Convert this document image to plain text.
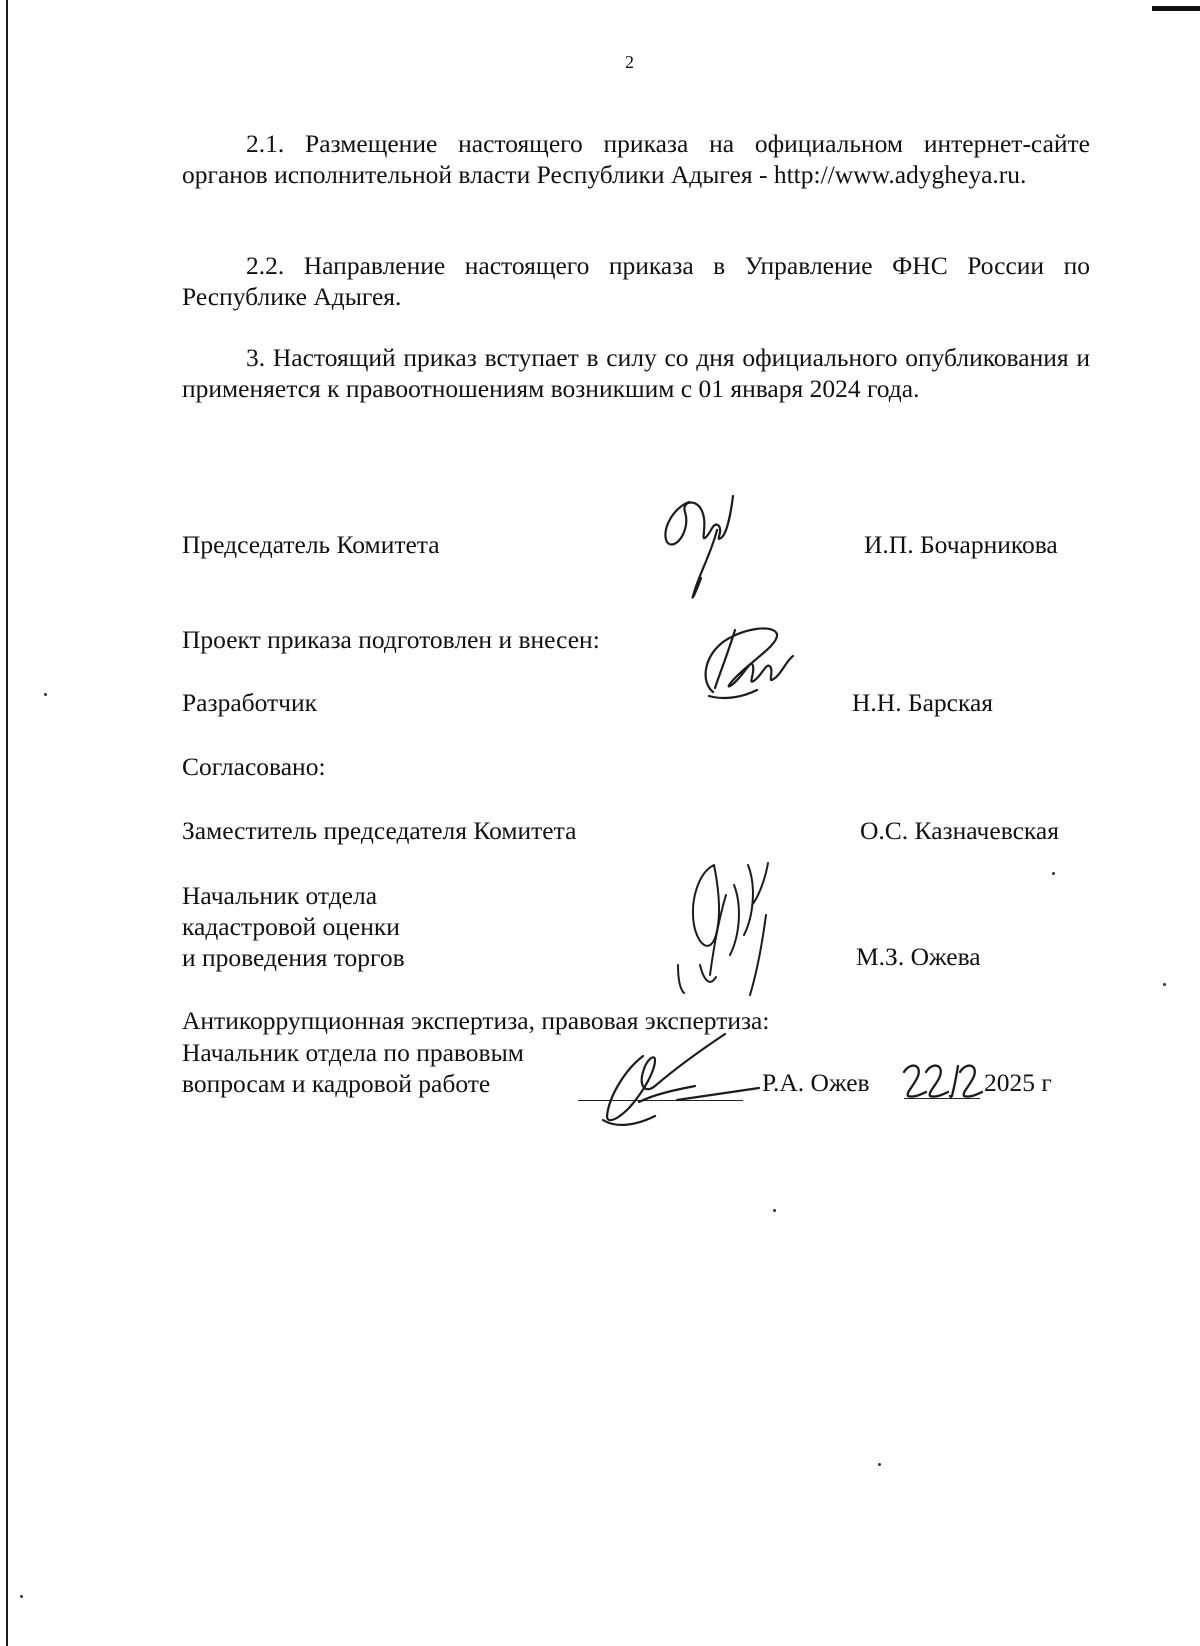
2

2.1. Размещение настоящего приказа на официальном интернет-сайте органов исполнительной власти Республики Адыгея - http://www.adygheya.ru.

2.2. Направление настоящего приказа в Управление ФНС России по Республике Адыгея.

3. Настоящий приказ вступает в силу со дня официального опубликования и применяется к правоотношениям возникшим с 01 января 2024 года.

Председатель Комитета	И.П. Бочарникова
Проект приказа подготовлен и внесен:
Разработчик	Н.Н. Барская
Согласовано:
Заместитель председателя Комитета	О.С. Казначевская
Начальник отдела
кадастровой оценки
и проведения торгов	М.З. Ожева
Антикоррупционная экспертиза, правовая экспертиза:
Начальник отдела по правовым
вопросам и кадровой работе	Р.А. Ожев	2025 г
